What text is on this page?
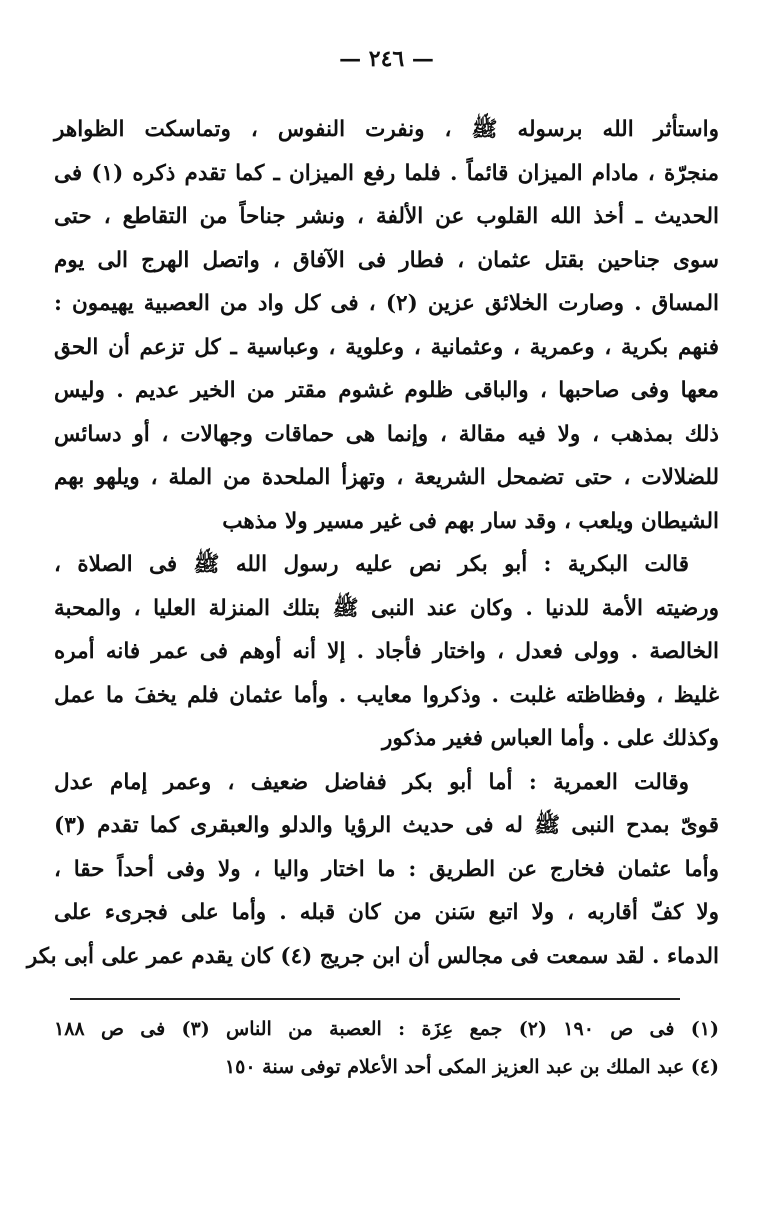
— ٢٤٦ —
واستأثر الله برسوله ﷺ ، ونفرت النفوس ، وتماسكت الظواهر
منجرّة ، مادام الميزان قائماً . فلما رفع الميزان ـ كما تقدم ذكره (١) فى
الحديث ـ أخذ الله القلوب عن الألفة ، ونشر جناحاً من التقاطع ، حتى
سوى جناحين بقتل عثمان ، فطار فى الآفاق ، واتصل الهرج الى يوم
المساق . وصارت الخلائق عزين (٢) ، فى كل واد من العصبية يهيمون :
فنهم بكرية ، وعمرية ، وعثمانية ، وعلوية ، وعباسية ـ كل تزعم أن الحق
معها وفى صاحبها ، والباقى ظلوم غشوم مقتر من الخير عديم . وليس
ذلك بمذهب ، ولا فيه مقالة ، وإنما هى حماقات وجهالات ، أو دسائس
للضلالات ، حتى تضمحل الشريعة ، وتهزأ الملحدة من الملة ، ويلهو بهم
الشيطان ويلعب ، وقد سار بهم فى غير مسير ولا مذهب
قالت البكرية : أبو بكر نص عليه رسول الله ﷺ فى الصلاة ،
ورضيته الأمة للدنيا . وكان عند النبى ﷺ بتلك المنزلة العليا ، والمحبة
الخالصة . وولى فعدل ، واختار فأجاد . إلا أنه أوهم فى عمر فانه أمره
غليظ ، وفظاظته غلبت . وذكروا معايب . وأما عثمان فلم يخفَ ما عمل
وكذلك على . وأما العباس فغير مذكور
وقالت العمرية : أما أبو بكر ففاضل ضعيف ، وعمر إمام عدل
قوىّ بمدح النبى ﷺ له فى حديث الرؤيا والدلو والعبقرى كما تقدم (٣)
وأما عثمان فخارج عن الطريق : ما اختار واليا ، ولا وفى أحداً حقا ،
ولا كفّ أقاربه ، ولا اتبع سَنن من كان قبله . وأما على فجرىء على
الدماء . لقد سمعت فى مجالس أن ابن جريج (٤) كان يقدم عمر على أبى بكر
(١) فى ص ١٩٠ (٢) جمع عِزَة : العصبة من الناس (٣) فى ص ١٨٨
(٤) عبد الملك بن عبد العزيز المكى أحد الأعلام توفى سنة ١٥٠
